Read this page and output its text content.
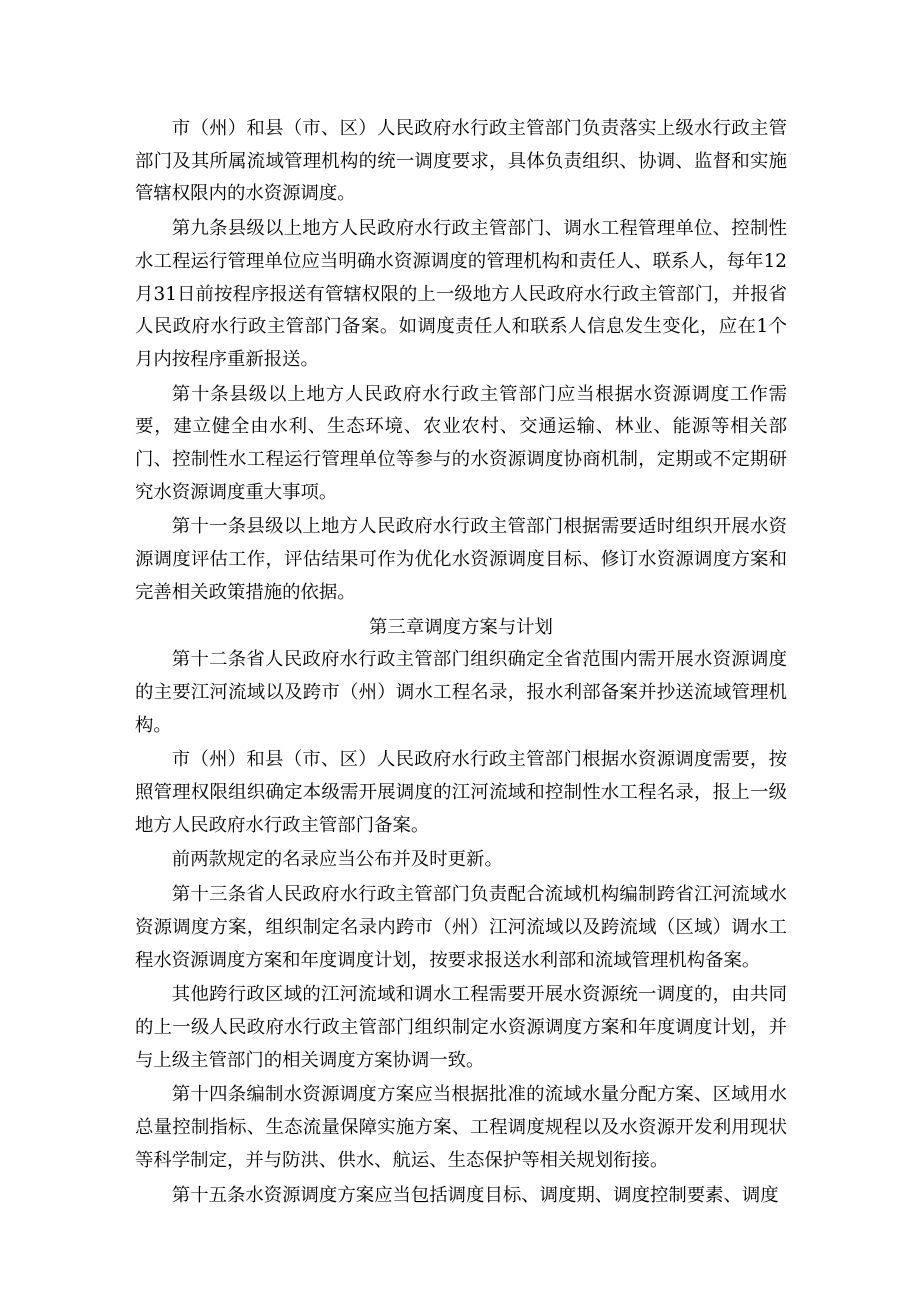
市（州）和县（市、区）人民政府水行政主管部门负责落实上级水行政主管部门及其所属流域管理机构的统一调度要求，具体负责组织、协调、监督和实施管辖权限内的水资源调度。

第九条县级以上地方人民政府水行政主管部门、调水工程管理单位、控制性水工程运行管理单位应当明确水资源调度的管理机构和责任人、联系人，每年12月31日前按程序报送有管辖权限的上一级地方人民政府水行政主管部门，并报省人民政府水行政主管部门备案。如调度责任人和联系人信息发生变化，应在1个月内按程序重新报送。

第十条县级以上地方人民政府水行政主管部门应当根据水资源调度工作需要，建立健全由水利、生态环境、农业农村、交通运输、林业、能源等相关部门、控制性水工程运行管理单位等参与的水资源调度协商机制，定期或不定期研究水资源调度重大事项。

第十一条县级以上地方人民政府水行政主管部门根据需要适时组织开展水资源调度评估工作，评估结果可作为优化水资源调度目标、修订水资源调度方案和完善相关政策措施的依据。

第三章调度方案与计划

第十二条省人民政府水行政主管部门组织确定全省范围内需开展水资源调度的主要江河流域以及跨市（州）调水工程名录，报水利部备案并抄送流域管理机构。

市（州）和县（市、区）人民政府水行政主管部门根据水资源调度需要，按照管理权限组织确定本级需开展调度的江河流域和控制性水工程名录，报上一级地方人民政府水行政主管部门备案。

前两款规定的名录应当公布并及时更新。

第十三条省人民政府水行政主管部门负责配合流域机构编制跨省江河流域水资源调度方案，组织制定名录内跨市（州）江河流域以及跨流域（区域）调水工程水资源调度方案和年度调度计划，按要求报送水利部和流域管理机构备案。

其他跨行政区域的江河流域和调水工程需要开展水资源统一调度的，由共同的上一级人民政府水行政主管部门组织制定水资源调度方案和年度调度计划，并与上级主管部门的相关调度方案协调一致。

第十四条编制水资源调度方案应当根据批准的流域水量分配方案、区域用水总量控制指标、生态流量保障实施方案、工程调度规程以及水资源开发利用现状等科学制定，并与防洪、供水、航运、生态保护等相关规划衔接。

第十五条水资源调度方案应当包括调度目标、调度期、调度控制要素、调度
